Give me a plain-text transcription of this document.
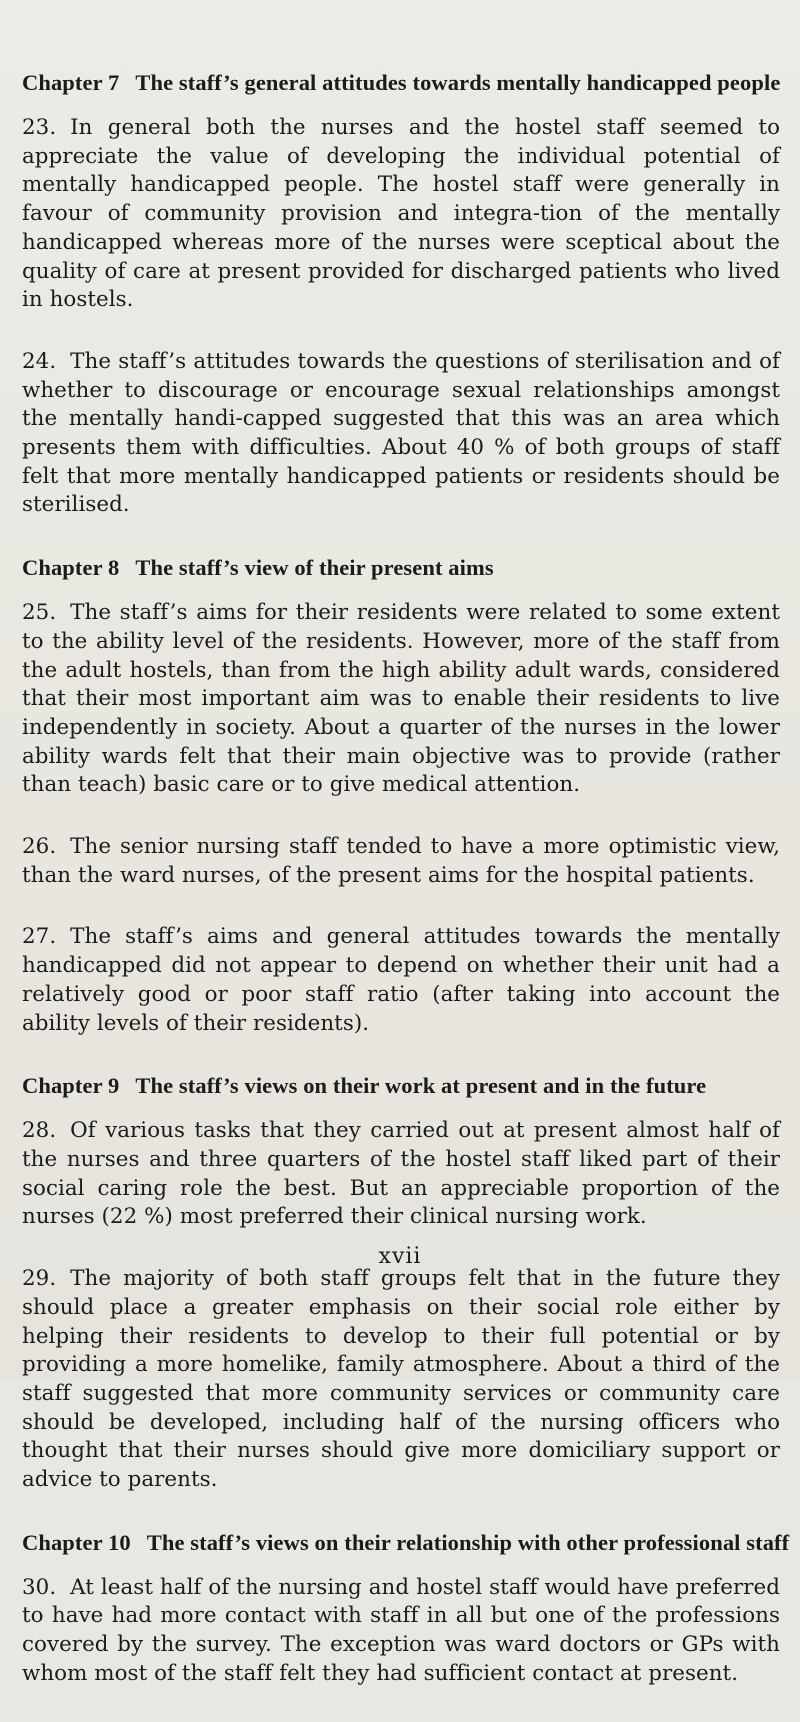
Chapter 7 The staff’s general attitudes towards mentally handicapped people

23. In general both the nurses and the hostel staff seemed to appreciate the value of developing the individual potential of mentally handicapped people. The hostel staff were generally in favour of community provision and integra-tion of the mentally handicapped whereas more of the nurses were sceptical about the quality of care at present provided for discharged patients who lived in hostels.

24. The staff’s attitudes towards the questions of sterilisation and of whether to discourage or encourage sexual relationships amongst the mentally handi-capped suggested that this was an area which presents them with difficulties. About 40 % of both groups of staff felt that more mentally handicapped patients or residents should be sterilised.

Chapter 8 The staff’s view of their present aims

25. The staff’s aims for their residents were related to some extent to the ability level of the residents. However, more of the staff from the adult hostels, than from the high ability adult wards, considered that their most important aim was to enable their residents to live independently in society. About a quarter of the nurses in the lower ability wards felt that their main objective was to provide (rather than teach) basic care or to give medical attention.

26. The senior nursing staff tended to have a more optimistic view, than the ward nurses, of the present aims for the hospital patients.

27. The staff’s aims and general attitudes towards the mentally handicapped did not appear to depend on whether their unit had a relatively good or poor staff ratio (after taking into account the ability levels of their residents).

Chapter 9 The staff’s views on their work at present and in the future

28. Of various tasks that they carried out at present almost half of the nurses and three quarters of the hostel staff liked part of their social caring role the best. But an appreciable proportion of the nurses (22 %) most preferred their clinical nursing work.

29. The majority of both staff groups felt that in the future they should place a greater emphasis on their social role either by helping their residents to develop to their full potential or by providing a more homelike, family atmosphere. About a third of the staff suggested that more community services or community care should be developed, including half of the nursing officers who thought that their nurses should give more domiciliary support or advice to parents.

Chapter 10 The staff’s views on their relationship with other professional staff

30. At least half of the nursing and hostel staff would have preferred to have had more contact with staff in all but one of the professions covered by the survey. The exception was ward doctors or GPs with whom most of the staff felt they had sufficient contact at present.

xvii
